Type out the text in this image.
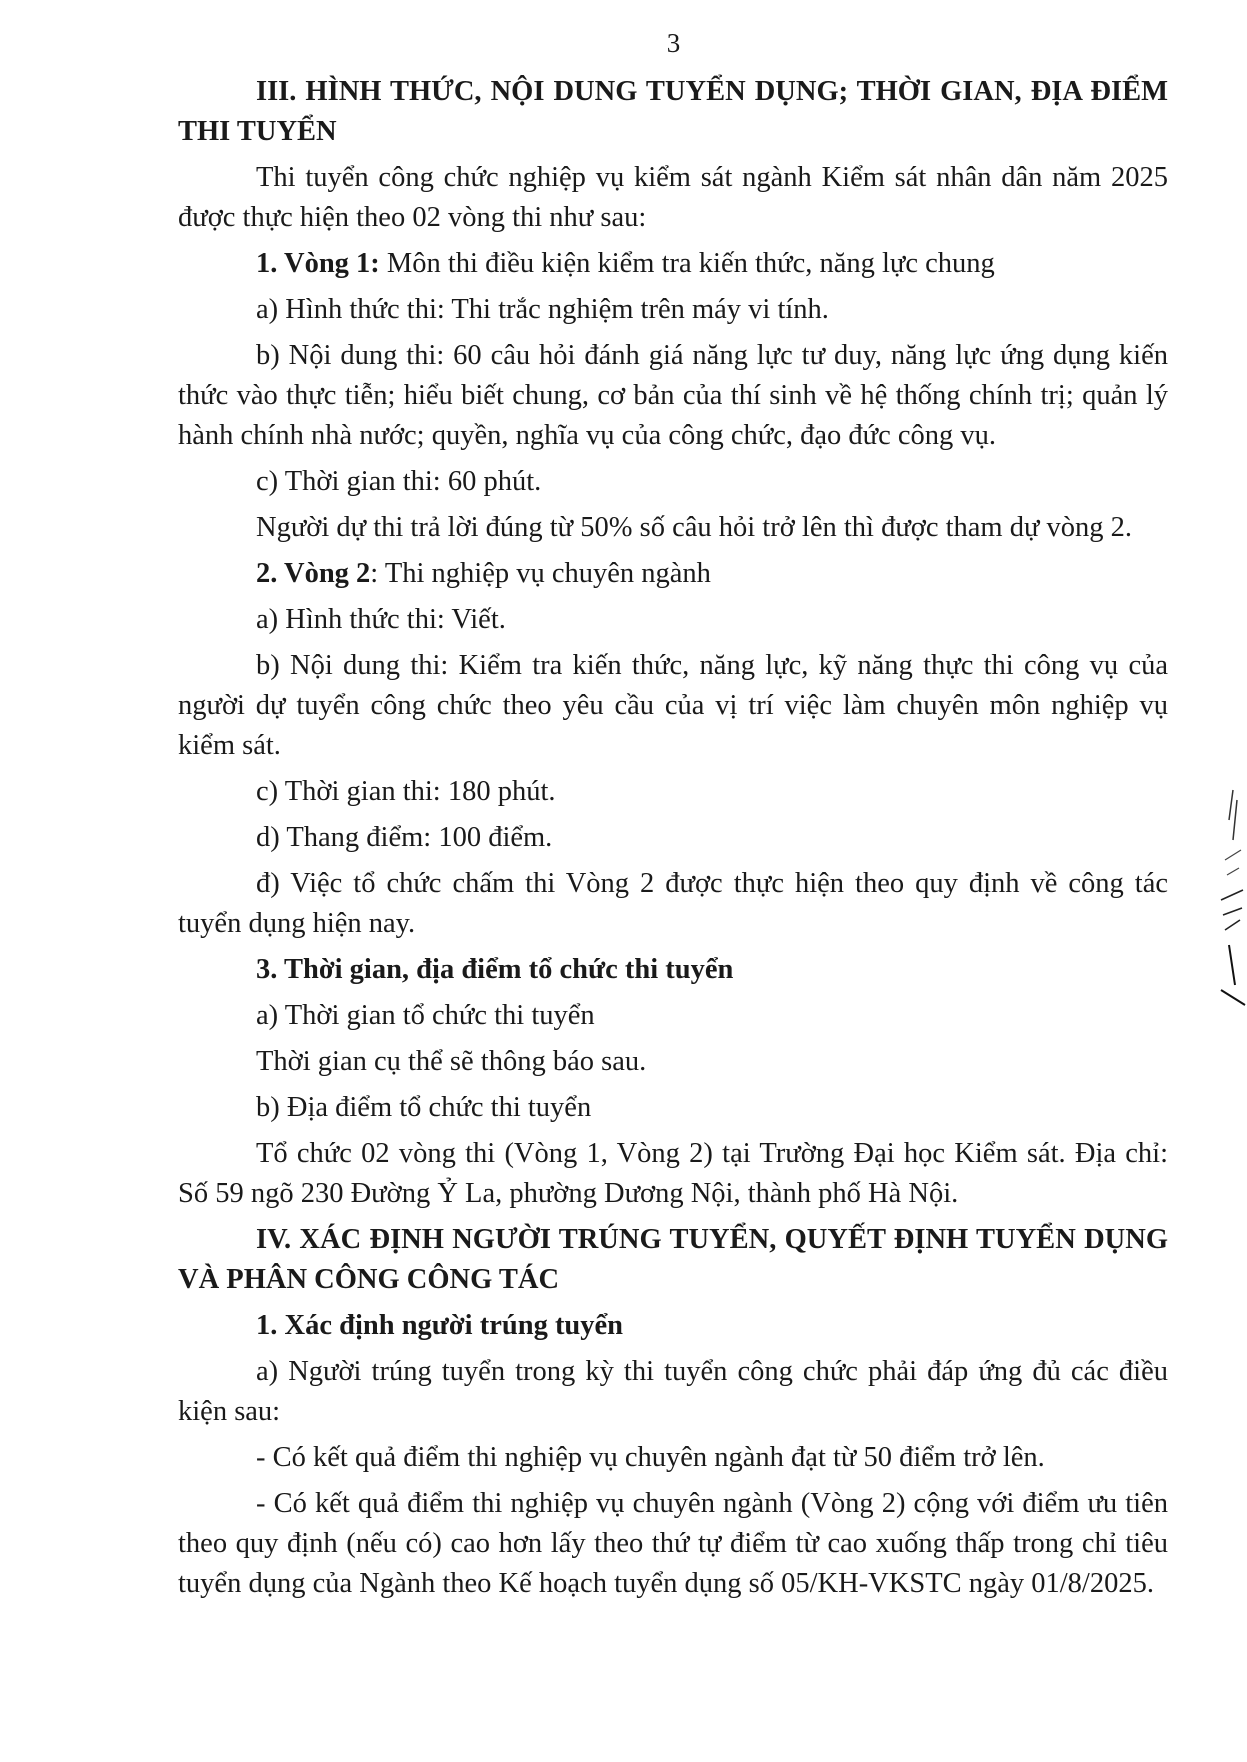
3
III. HÌNH THỨC, NỘI DUNG TUYỂN DỤNG; THỜI GIAN, ĐỊA ĐIỂM THI TUYỂN

Thi tuyển công chức nghiệp vụ kiểm sát ngành Kiểm sát nhân dân năm 2025 được thực hiện theo 02 vòng thi như sau:

1. Vòng 1: Môn thi điều kiện kiểm tra kiến thức, năng lực chung

a) Hình thức thi: Thi trắc nghiệm trên máy vi tính.

b) Nội dung thi: 60 câu hỏi đánh giá năng lực tư duy, năng lực ứng dụng kiến thức vào thực tiễn; hiểu biết chung, cơ bản của thí sinh về hệ thống chính trị; quản lý hành chính nhà nước; quyền, nghĩa vụ của công chức, đạo đức công vụ.

c) Thời gian thi: 60 phút.

Người dự thi trả lời đúng từ 50% số câu hỏi trở lên thì được tham dự vòng 2.

2. Vòng 2: Thi nghiệp vụ chuyên ngành

a) Hình thức thi: Viết.

b) Nội dung thi: Kiểm tra kiến thức, năng lực, kỹ năng thực thi công vụ của người dự tuyển công chức theo yêu cầu của vị trí việc làm chuyên môn nghiệp vụ kiểm sát.

c) Thời gian thi: 180 phút.

d) Thang điểm: 100 điểm.

đ) Việc tổ chức chấm thi Vòng 2 được thực hiện theo quy định về công tác tuyển dụng hiện nay.

3. Thời gian, địa điểm tổ chức thi tuyển

a) Thời gian tổ chức thi tuyển

Thời gian cụ thể sẽ thông báo sau.

b) Địa điểm tổ chức thi tuyển

Tổ chức 02 vòng thi (Vòng 1, Vòng 2) tại Trường Đại học Kiểm sát. Địa chỉ: Số 59 ngõ 230 Đường Ỷ La, phường Dương Nội, thành phố Hà Nội.

IV. XÁC ĐỊNH NGƯỜI TRÚNG TUYỂN, QUYẾT ĐỊNH TUYỂN DỤNG VÀ PHÂN CÔNG CÔNG TÁC

1. Xác định người trúng tuyển

a) Người trúng tuyển trong kỳ thi tuyển công chức phải đáp ứng đủ các điều kiện sau:

- Có kết quả điểm thi nghiệp vụ chuyên ngành đạt từ 50 điểm trở lên.

- Có kết quả điểm thi nghiệp vụ chuyên ngành (Vòng 2) cộng với điểm ưu tiên theo quy định (nếu có) cao hơn lấy theo thứ tự điểm từ cao xuống thấp trong chỉ tiêu tuyển dụng của Ngành theo Kế hoạch tuyển dụng số 05/KH-VKSTC ngày 01/8/2025.
